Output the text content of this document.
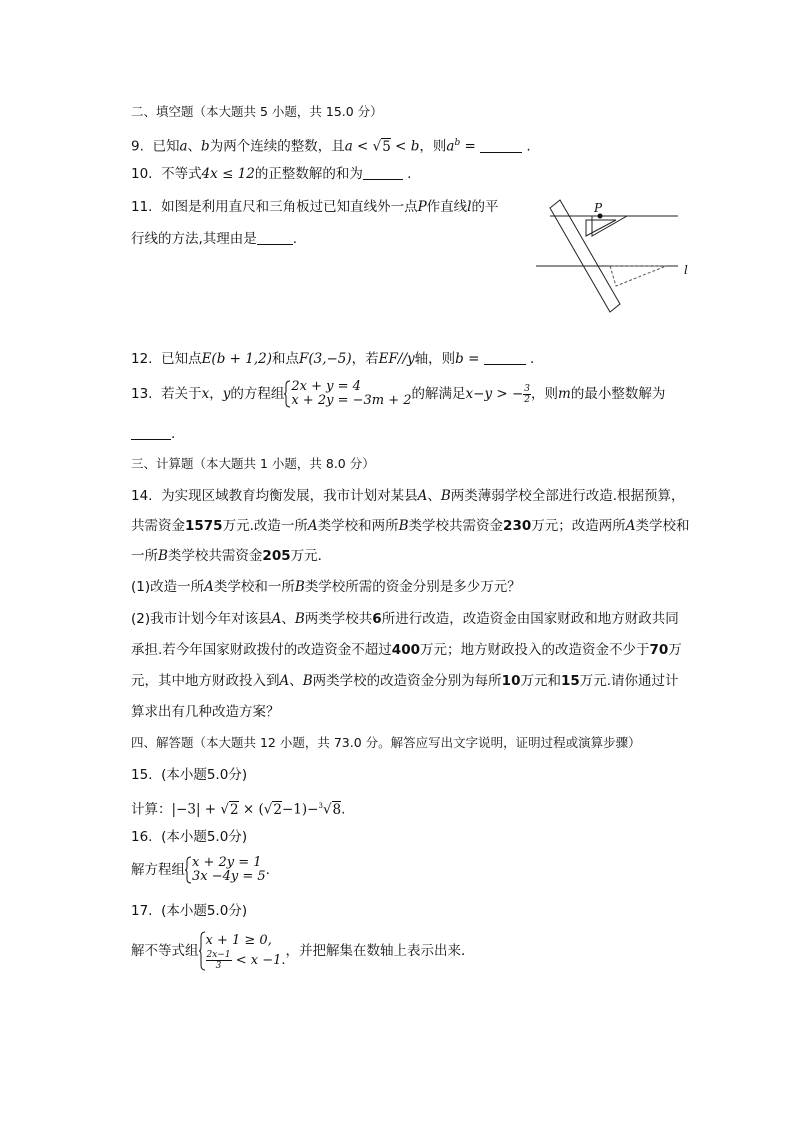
二、填空题（本大题共 5 小题，共 15.0 分）
9. 已知a、b为两个连续的整数，且a < √5 < b，则$a^b$ =	.
10. 不等式4x ≤ 12的正整数解的和为	.
11. 如图是利用直尺和三角板过已知直线外一点P作直线l的平
行线的方法,其理由是	.
P
l
12. 已知点E(b + 1,2)和点F(3,−5)，若EF//y轴，则b =	.
13. 若关于x，y的方程组 2x + y = 4
x + 2y = −3m + 2 的解满足x−y > − $\frac{3}{2}$ ，则m的最小整数解为
.
三、计算题（本大题共 1 小题，共 8.0 分）
14. 为实现区域教育均衡发展，我市计划对某县A、B两类薄弱学校全部进行改造.根据预算，
共需资金1575万元.改造一所A类学校和两所B类学校共需资金230万元；改造两所A类学校和
一所B类学校共需资金205万元．
(1)改造一所A类学校和一所B类学校所需的资金分别是多少万元？
(2)我市计划今年对该县A、B两类学校共6所进行改造，改造资金由国家财政和地方财政共同
承担.若今年国家财政拨付的改造资金不超过400万元；地方财政投入的改造资金不少于70万
元，其中地方财政投入到A、B两类学校的改造资金分别为每所10万元和15万元.请你通过计
算求出有几种改造方案？
四、解答题（本大题共 12 小题，共 73.0 分。解答应写出文字说明，证明过程或演算步骤）
15. (本小题5.0分)
计算：|−3| + √2 × (√2−1)−$^3$√8.
16. (本小题5.0分)
解方程组 x + 2y = 1
3x −4y = 5 .
17. (本小题5.0分)
解不等式组
x + 1 ≥ 0,
$\frac{2x-1}{3} < x -1$.
，并把解集在数轴上表示出来．
